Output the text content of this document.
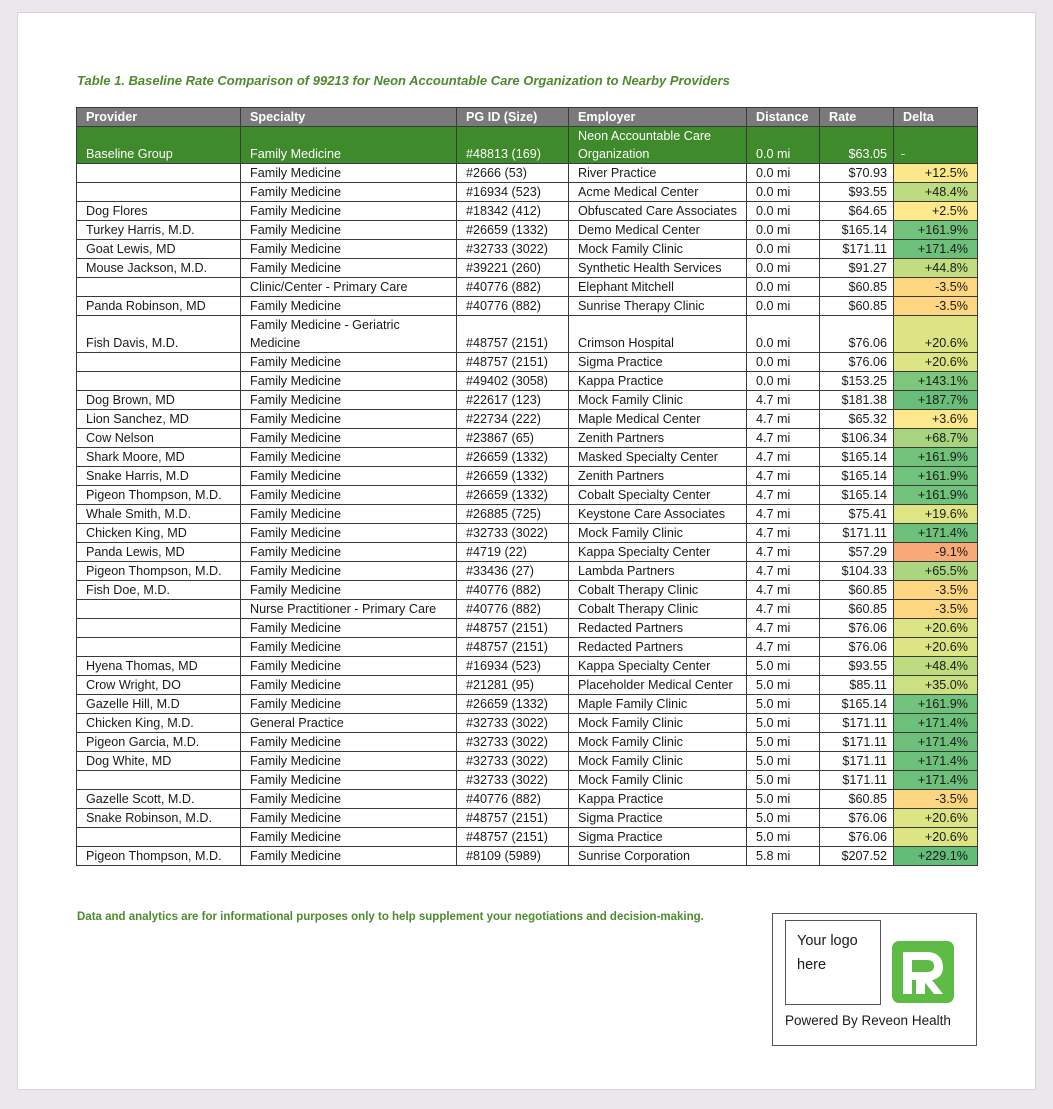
Table 1. Baseline Rate Comparison of 99213 for Neon Accountable Care Organization to Nearby Providers
Provider	Specialty	PG ID (Size)	Employer	Distance	Rate	Delta
Baseline Group	Family Medicine	#48813 (169)	Neon Accountable Care Organization	0.0 mi	$63.05	-
	Family Medicine	#2666 (53)	River Practice	0.0 mi	$70.93	+12.5%
	Family Medicine	#16934 (523)	Acme Medical Center	0.0 mi	$93.55	+48.4%
Dog Flores	Family Medicine	#18342 (412)	Obfuscated Care Associates	0.0 mi	$64.65	+2.5%
Turkey Harris, M.D.	Family Medicine	#26659 (1332)	Demo Medical Center	0.0 mi	$165.14	+161.9%
Goat Lewis, MD	Family Medicine	#32733 (3022)	Mock Family Clinic	0.0 mi	$171.11	+171.4%
Mouse Jackson, M.D.	Family Medicine	#39221 (260)	Synthetic Health Services	0.0 mi	$91.27	+44.8%
	Clinic/Center - Primary Care	#40776 (882)	Elephant Mitchell	0.0 mi	$60.85	-3.5%
Panda Robinson, MD	Family Medicine	#40776 (882)	Sunrise Therapy Clinic	0.0 mi	$60.85	-3.5%
Fish Davis, M.D.	Family Medicine - Geriatric Medicine	#48757 (2151)	Crimson Hospital	0.0 mi	$76.06	+20.6%
	Family Medicine	#48757 (2151)	Sigma Practice	0.0 mi	$76.06	+20.6%
	Family Medicine	#49402 (3058)	Kappa Practice	0.0 mi	$153.25	+143.1%
Dog Brown, MD	Family Medicine	#22617 (123)	Mock Family Clinic	4.7 mi	$181.38	+187.7%
Lion Sanchez, MD	Family Medicine	#22734 (222)	Maple Medical Center	4.7 mi	$65.32	+3.6%
Cow Nelson	Family Medicine	#23867 (65)	Zenith Partners	4.7 mi	$106.34	+68.7%
Shark Moore, MD	Family Medicine	#26659 (1332)	Masked Specialty Center	4.7 mi	$165.14	+161.9%
Snake Harris, M.D	Family Medicine	#26659 (1332)	Zenith Partners	4.7 mi	$165.14	+161.9%
Pigeon Thompson, M.D.	Family Medicine	#26659 (1332)	Cobalt Specialty Center	4.7 mi	$165.14	+161.9%
Whale Smith, M.D.	Family Medicine	#26885 (725)	Keystone Care Associates	4.7 mi	$75.41	+19.6%
Chicken King, MD	Family Medicine	#32733 (3022)	Mock Family Clinic	4.7 mi	$171.11	+171.4%
Panda Lewis, MD	Family Medicine	#4719 (22)	Kappa Specialty Center	4.7 mi	$57.29	-9.1%
Pigeon Thompson, M.D.	Family Medicine	#33436 (27)	Lambda Partners	4.7 mi	$104.33	+65.5%
Fish Doe, M.D.	Family Medicine	#40776 (882)	Cobalt Therapy Clinic	4.7 mi	$60.85	-3.5%
	Nurse Practitioner - Primary Care	#40776 (882)	Cobalt Therapy Clinic	4.7 mi	$60.85	-3.5%
	Family Medicine	#48757 (2151)	Redacted Partners	4.7 mi	$76.06	+20.6%
	Family Medicine	#48757 (2151)	Redacted Partners	4.7 mi	$76.06	+20.6%
Hyena Thomas, MD	Family Medicine	#16934 (523)	Kappa Specialty Center	5.0 mi	$93.55	+48.4%
Crow Wright, DO	Family Medicine	#21281 (95)	Placeholder Medical Center	5.0 mi	$85.11	+35.0%
Gazelle Hill, M.D	Family Medicine	#26659 (1332)	Maple Family Clinic	5.0 mi	$165.14	+161.9%
Chicken King, M.D.	General Practice	#32733 (3022)	Mock Family Clinic	5.0 mi	$171.11	+171.4%
Pigeon Garcia, M.D.	Family Medicine	#32733 (3022)	Mock Family Clinic	5.0 mi	$171.11	+171.4%
Dog White, MD	Family Medicine	#32733 (3022)	Mock Family Clinic	5.0 mi	$171.11	+171.4%
	Family Medicine	#32733 (3022)	Mock Family Clinic	5.0 mi	$171.11	+171.4%
Gazelle Scott, M.D.	Family Medicine	#40776 (882)	Kappa Practice	5.0 mi	$60.85	-3.5%
Snake Robinson, M.D.	Family Medicine	#48757 (2151)	Sigma Practice	5.0 mi	$76.06	+20.6%
	Family Medicine	#48757 (2151)	Sigma Practice	5.0 mi	$76.06	+20.6%
Pigeon Thompson, M.D.	Family Medicine	#8109 (5989)	Sunrise Corporation	5.8 mi	$207.52	+229.1%
Data and analytics are for informational purposes only to help supplement your negotiations and decision-making.
Your logo here
Powered By Reveon Health
